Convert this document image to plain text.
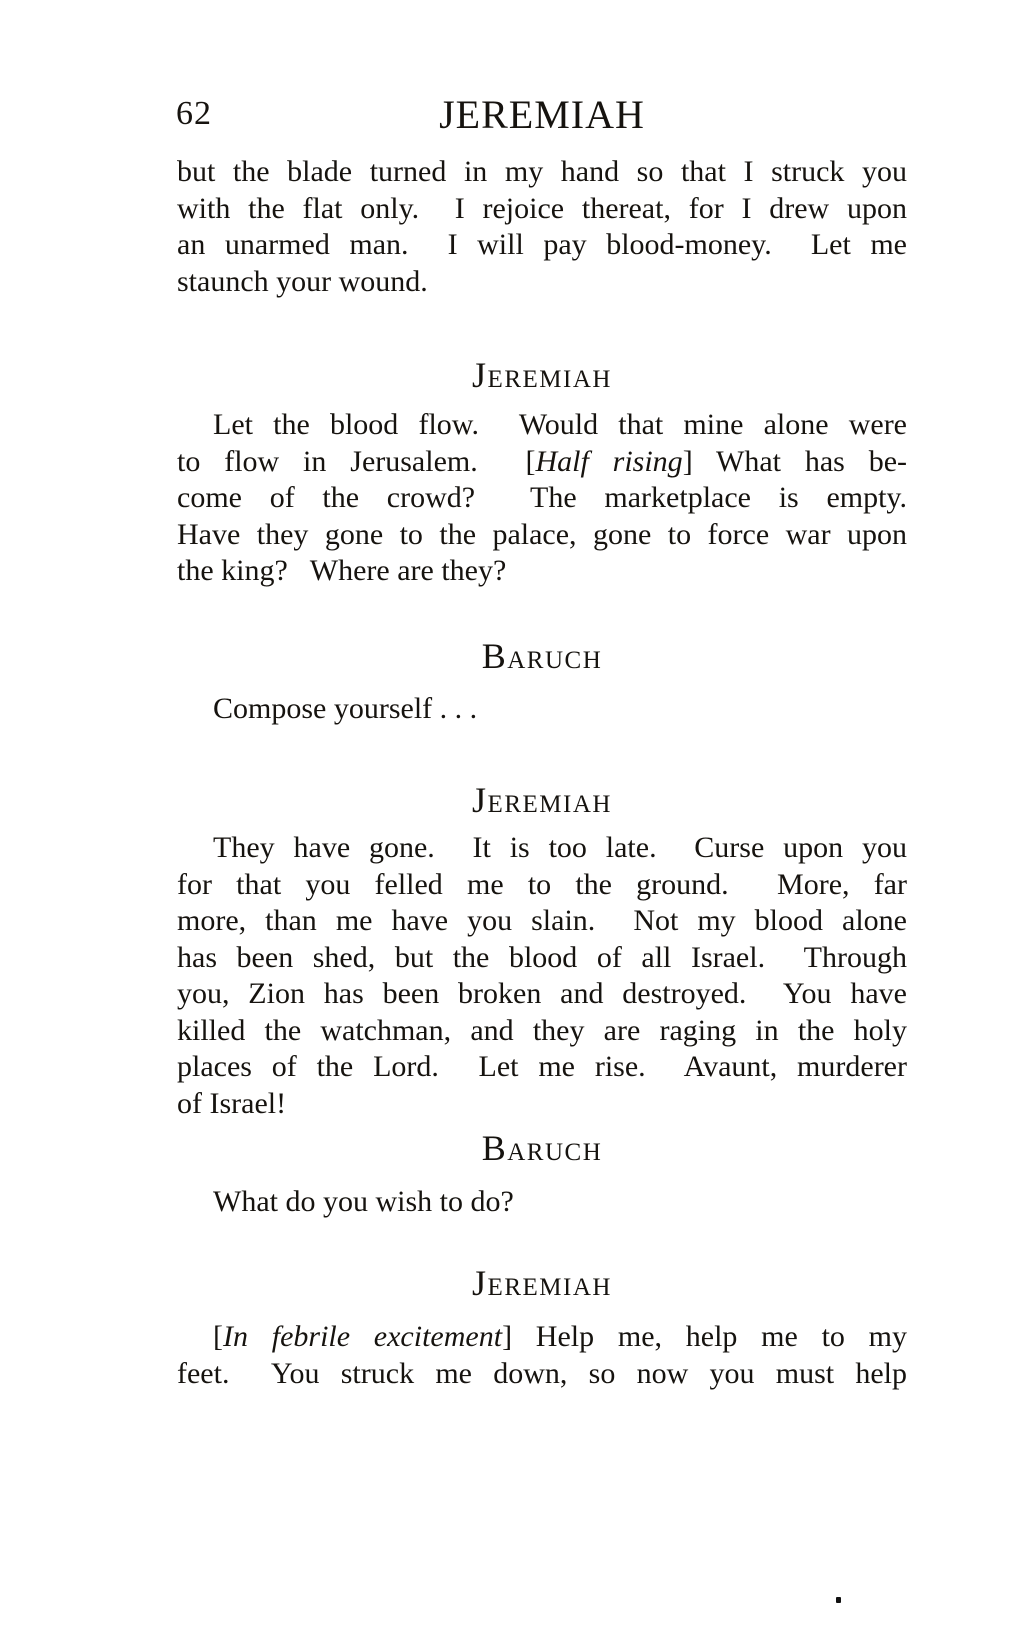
62	JEREMIAH
but the blade turned in my hand so that I struck you
with the flat only.  I rejoice thereat, for I drew upon
an unarmed man.  I will pay blood-money.  Let me
staunch your wound.
Jeremiah
Let the blood flow.  Would that mine alone were
to flow in Jerusalem.  [Half rising] What has be-
come of the crowd?  The marketplace is empty.
Have they gone to the palace, gone to force war upon
the king?   Where are they?
Baruch
Compose yourself . . .
Jeremiah
They have gone.  It is too late.  Curse upon you
for that you felled me to the ground.  More, far
more, than me have you slain.  Not my blood alone
has been shed, but the blood of all Israel.  Through
you, Zion has been broken and destroyed.  You have
killed the watchman, and they are raging in the holy
places of the Lord.  Let me rise.  Avaunt, murderer
of Israel!
Baruch
What do you wish to do?
Jeremiah
[In febrile excitement] Help me, help me to my
feet.  You struck me down, so now you must help
